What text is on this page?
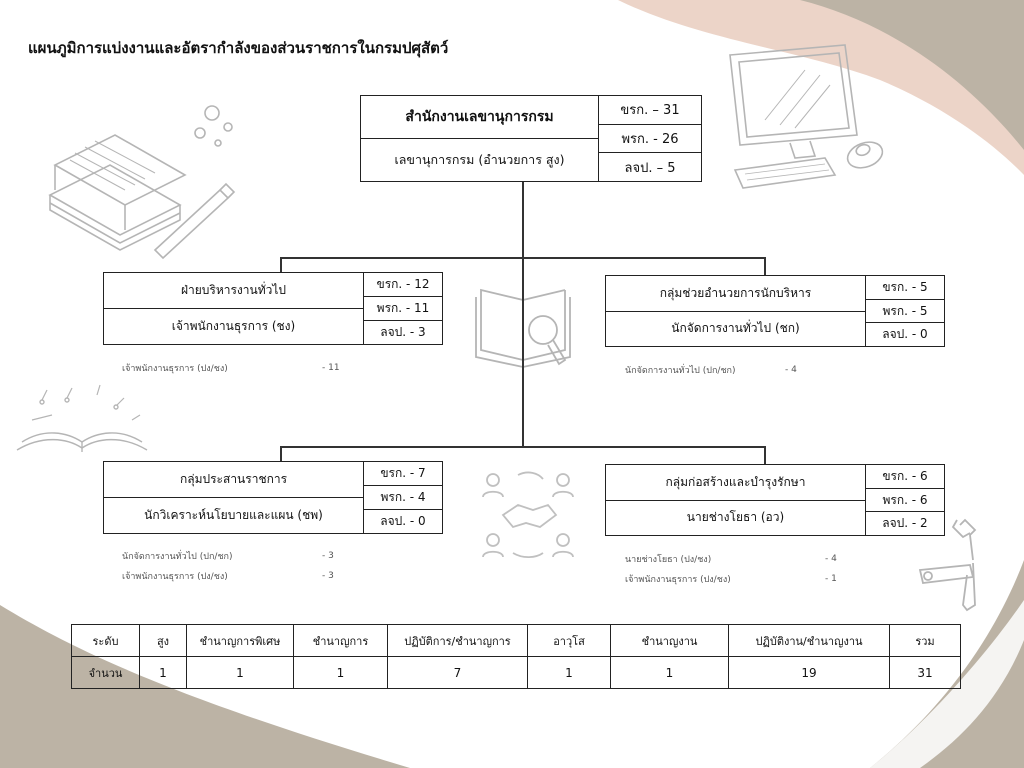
แผนภูมิการแบ่งงานและอัตรากำลังของส่วนราชการในกรมปศุสัตว์
สำนักงานเลขานุการกรม
เลขานุการกรม (อำนวยการ สูง)
ขรก. – 31
พรก. - 26
ลจป. – 5
ฝ่ายบริหารงานทั่วไป
เจ้าพนักงานธุรการ (ชง)
ขรก. - 12
พรก. - 11
ลจป. - 3
กลุ่มช่วยอำนวยการนักบริหาร
นักจัดการงานทั่วไป (ชก)
ขรก. - 5
พรก. - 5
ลจป. - 0
กลุ่มประสานราชการ
นักวิเคราะห์นโยบายและแผน (ชพ)
ขรก. - 7
พรก. - 4
ลจป. - 0
กลุ่มก่อสร้างและบำรุงรักษา
นายช่างโยธา (อว)
ขรก. - 6
พรก. - 6
ลจป. - 2
เจ้าพนักงานธุรการ (ปง/ชง)	- 11	นักจัดการงานทั่วไป (ปก/ชก)	- 4
นักจัดการงานทั่วไป (ปก/ชก)	- 3
เจ้าพนักงานธุรการ (ปง/ชง)	- 3
นายช่างโยธา (ปง/ชง)	- 4
เจ้าพนักงานธุรการ (ปง/ชง)	- 1
ระดับ	สูง	ชำนาญการพิเศษ	ชำนาญการ	ปฏิบัติการ/ชำนาญการ	อาวุโส	ชำนาญงาน	ปฏิบัติงาน/ชำนาญงาน	รวม
จำนวน	1	1	1	7	1	1	19	31
